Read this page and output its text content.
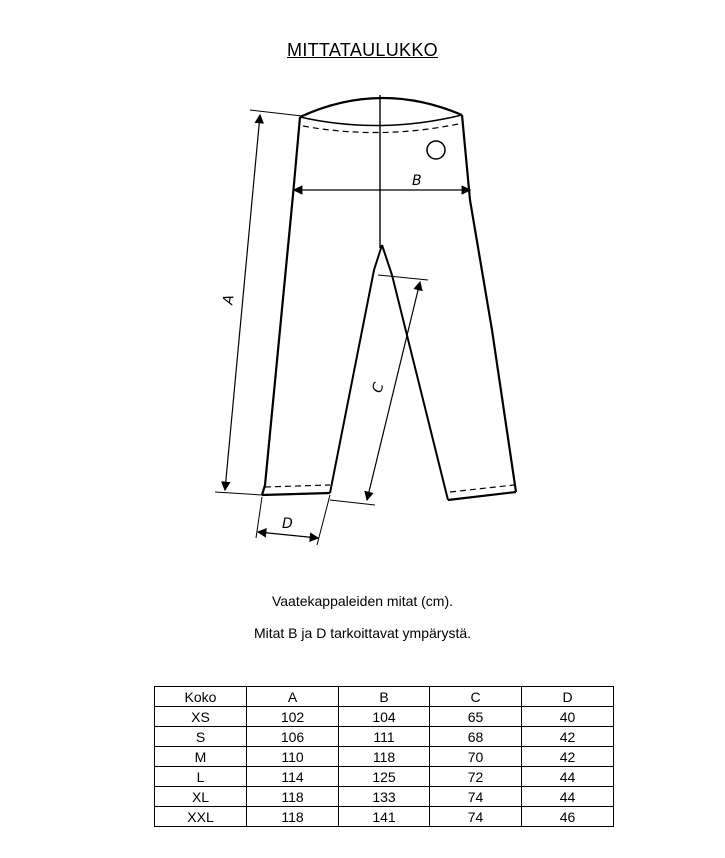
MITTATAULUKKO
B
A
C
D
Vaatekappaleiden mitat (cm).
Mitat B ja D tarkoittavat ympärystä.
Koko	A	B	C	D
XS	102	104	65	40
S	106	111	68	42
M	110	118	70	42
L	114	125	72	44
XL	118	133	74	44
XXL	118	141	74	46
